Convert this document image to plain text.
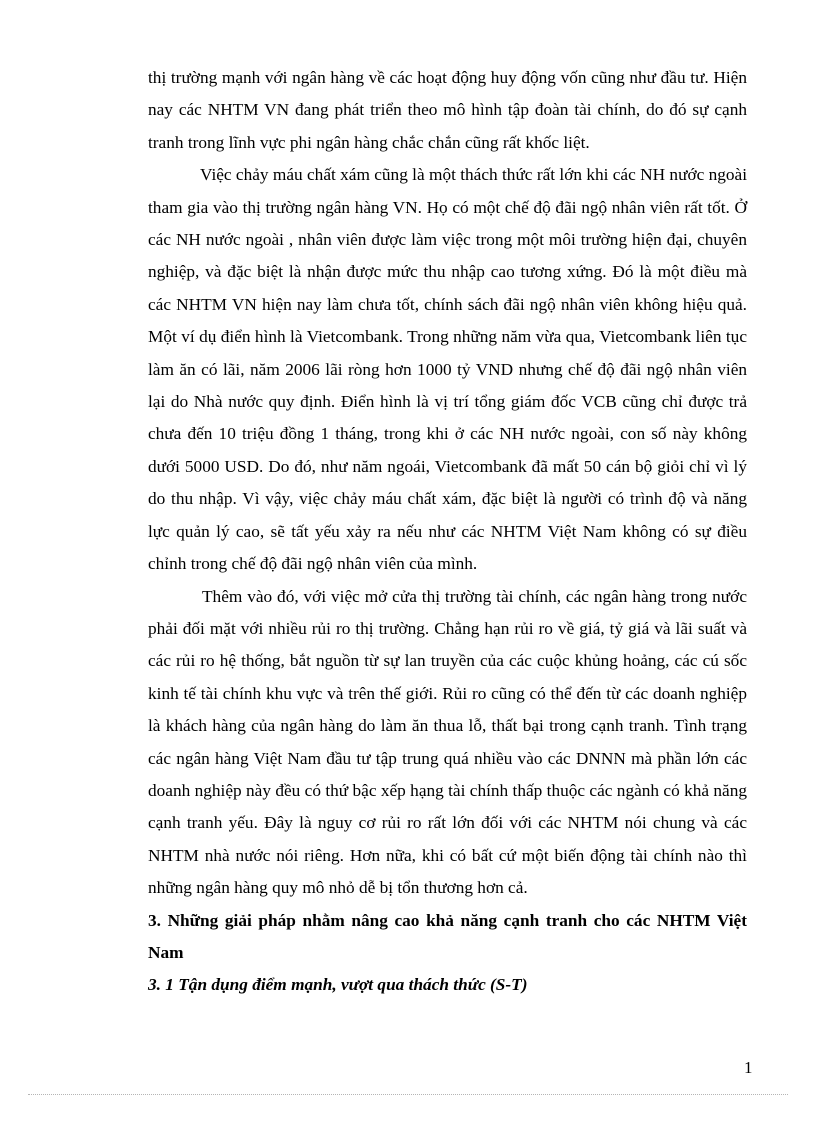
thị trường mạnh với ngân hàng về các hoạt động huy động vốn cũng như đầu tư. Hiện nay các NHTM VN đang phát triển theo mô hình tập đoàn tài chính, do đó sự cạnh tranh trong lĩnh vực phi ngân hàng chắc chắn cũng rất khốc liệt.

Việc chảy máu chất xám cũng là một thách thức rất lớn khi các NH nước ngoài tham gia vào thị trường ngân hàng VN. Họ có một chế độ đãi ngộ nhân viên rất tốt. Ở các NH nước ngoài , nhân viên được làm việc trong một môi trường hiện đại, chuyên nghiệp, và đặc biệt là nhận được mức thu nhập cao tương xứng. Đó là một điều mà các NHTM VN hiện nay làm chưa tốt, chính sách đãi ngộ nhân viên không hiệu quả. Một ví dụ điển hình là Vietcombank. Trong những năm vừa qua, Vietcombank liên tục làm ăn có lãi, năm 2006 lãi ròng hơn 1000 tỷ VND nhưng chế độ đãi ngộ nhân viên lại do Nhà nước quy định. Điển hình là vị trí tổng giám đốc VCB cũng chỉ được trả chưa đến 10 triệu đồng 1 tháng, trong khi ở các NH nước ngoài, con số này không dưới 5000 USD. Do đó, như năm ngoái, Vietcombank đã mất 50 cán bộ giỏi chỉ vì lý do thu nhập. Vì vậy, việc chảy máu chất xám, đặc biệt là người có trình độ và năng lực quản lý cao, sẽ tất yếu xảy ra nếu như các NHTM Việt Nam không có sự điều chỉnh trong chế độ đãi ngộ nhân viên của mình.

Thêm vào đó, với việc mở cửa thị trường tài chính, các ngân hàng trong nước phải đối mặt với nhiều rủi ro thị trường. Chẳng hạn rủi ro về giá, tỷ giá và lãi suất và các rủi ro hệ thống, bắt nguồn từ sự lan truyền của các cuộc khủng hoảng, các cú sốc kinh tế tài chính khu vực và trên thế giới. Rủi ro cũng có thể đến từ các doanh nghiệp là khách hàng của ngân hàng do làm ăn thua lỗ, thất bại trong cạnh tranh. Tình trạng các ngân hàng Việt Nam đầu tư tập trung quá nhiều vào các DNNN mà phần lớn các doanh nghiệp này đều có thứ bậc xếp hạng tài chính thấp thuộc các ngành có khả năng cạnh tranh yếu. Đây là nguy cơ rủi ro rất lớn đối với các NHTM nói chung và các NHTM nhà nước nói riêng. Hơn nữa, khi có bất cứ một biến động tài chính nào thì những ngân hàng quy mô nhỏ dễ bị tổn thương hơn cả.

3. Những giải pháp nhằm nâng cao khả năng cạnh tranh cho các NHTM Việt Nam

3. 1 Tận dụng điểm mạnh, vượt qua thách thức (S-T)

1
